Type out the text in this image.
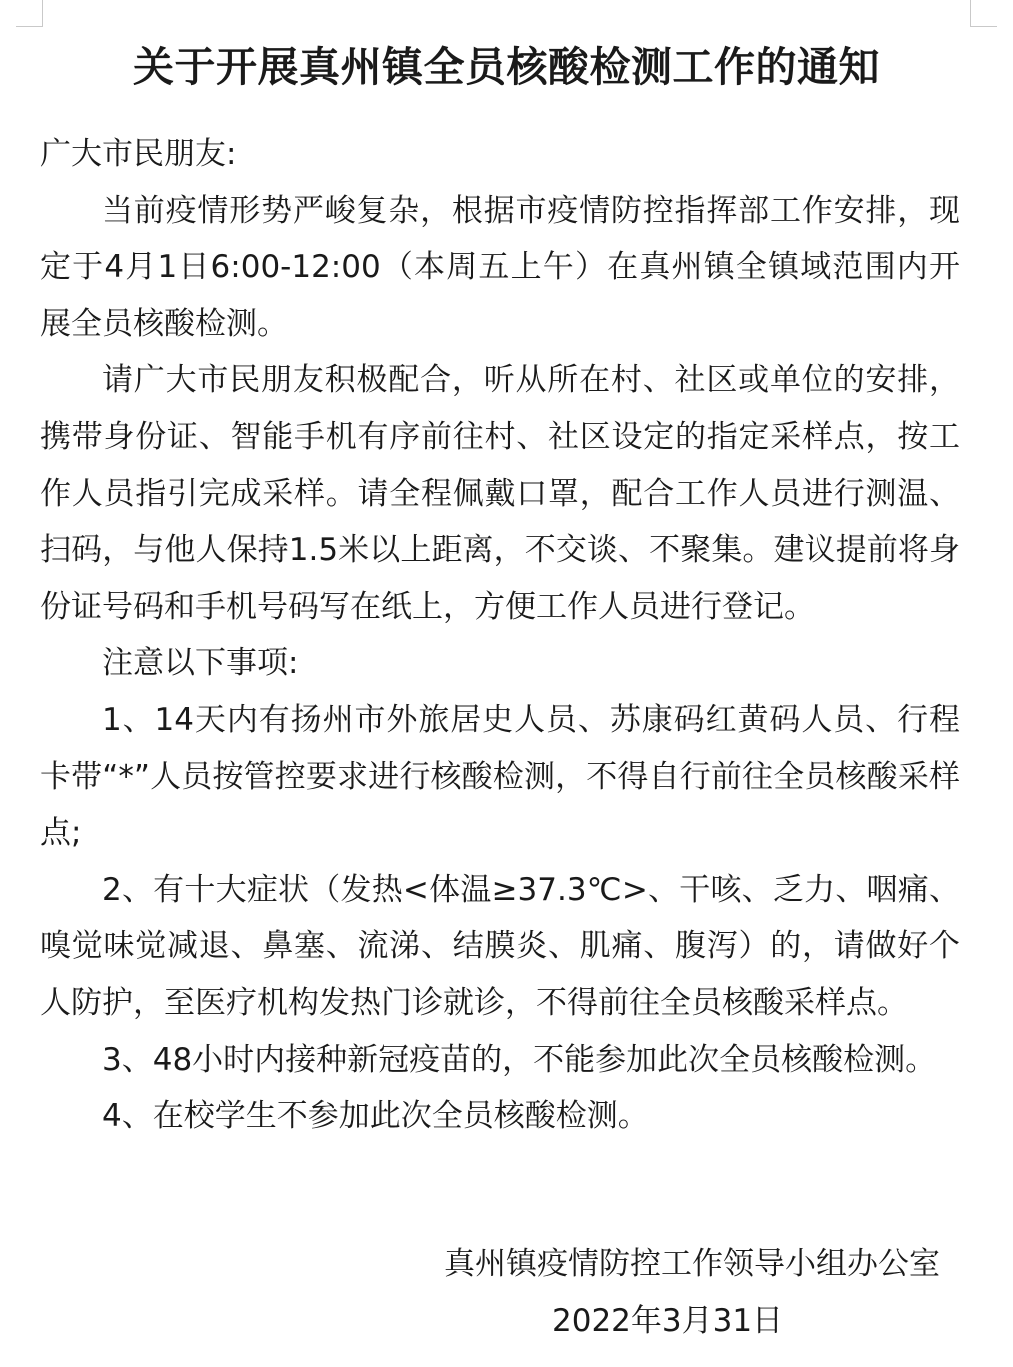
关于开展真州镇全员核酸检测工作的通知

广大市民朋友:

当前疫情形势严峻复杂，根据市疫情防控指挥部工作安排，现定于4月1日6:00-12:00（本周五上午）在真州镇全镇域范围内开展全员核酸检测。

请广大市民朋友积极配合，听从所在村、社区或单位的安排，携带身份证、智能手机有序前往村、社区设定的指定采样点，按工作人员指引完成采样。请全程佩戴口罩，配合工作人员进行测温、扫码，与他人保持1.5米以上距离，不交谈、不聚集。建议提前将身份证号码和手机号码写在纸上，方便工作人员进行登记。

注意以下事项:

1、14天内有扬州市外旅居史人员、苏康码红黄码人员、行程卡带“*”人员按管控要求进行核酸检测，不得自行前往全员核酸采样点;

2、有十大症状（发热<体温≥37.3℃>、干咳、乏力、咽痛、嗅觉味觉减退、鼻塞、流涕、结膜炎、肌痛、腹泻）的，请做好个人防护，至医疗机构发热门诊就诊，不得前往全员核酸采样点。

3、48小时内接种新冠疫苗的，不能参加此次全员核酸检测。

4、在校学生不参加此次全员核酸检测。

真州镇疫情防控工作领导小组办公室
2022年3月31日
